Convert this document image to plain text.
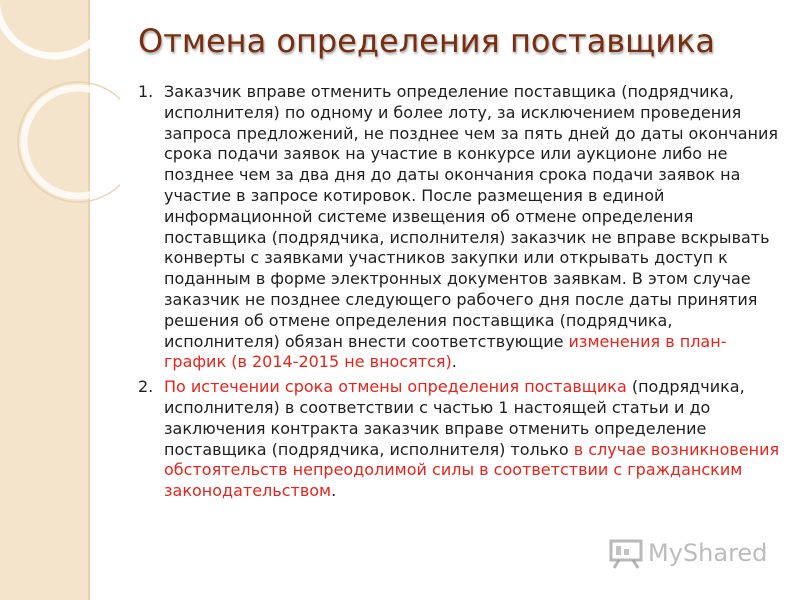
Отмена определения поставщика

1. Заказчик вправе отменить определение поставщика (подрядчика, исполнителя) по одному и более лоту, за исключением проведения запроса предложений, не позднее чем за пять дней до даты окончания срока подачи заявок на участие в конкурсе или аукционе либо не позднее чем за два дня до даты окончания срока подачи заявок на участие в запросе котировок. После размещения в единой информационной системе извещения об отмене определения поставщика (подрядчика, исполнителя) заказчик не вправе вскрывать конверты с заявками участников закупки или открывать доступ к поданным в форме электронных документов заявкам. В этом случае заказчик не позднее следующего рабочего дня после даты принятия решения об отмене определения поставщика (подрядчика, исполнителя) обязан внести соответствующие изменения в план-график (в 2014-2015 не вносятся).

2. По истечении срока отмены определения поставщика (подрядчика, исполнителя) в соответствии с частью 1 настоящей статьи и до заключения контракта заказчик вправе отменить определение поставщика (подрядчика, исполнителя) только в случае возникновения обстоятельств непреодолимой силы в соответствии с гражданским законодательством.

MyShared
